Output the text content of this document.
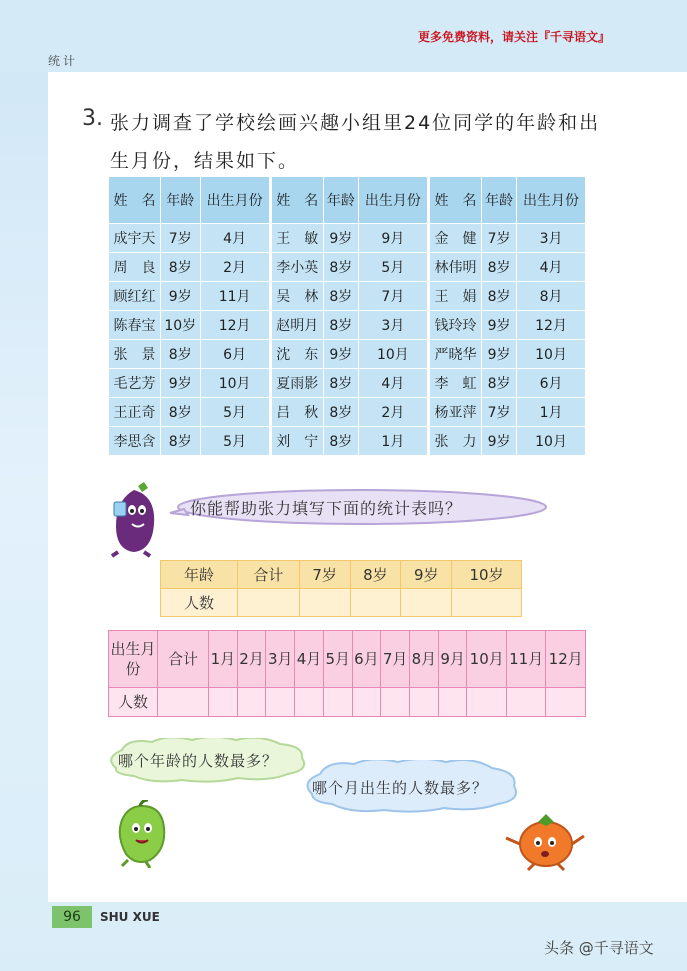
更多免费资料，请关注『千寻语文』
统计
3. 张力调查了学校绘画兴趣小组里24位同学的年龄和出生月份，结果如下。
姓　名	年龄	出生月份	姓　名	年龄	出生月份	姓　名	年龄	出生月份
成宇天	7岁	4月	王　敏	9岁	9月	金　健	7岁	3月
周　良	8岁	2月	李小英	8岁	5月	林伟明	8岁	4月
顾红红	9岁	11月	吴　林	8岁	7月	王　娟	8岁	8月
陈春宝	10岁	12月	赵明月	8岁	3月	钱玲玲	9岁	12月
张　景	8岁	6月	沈　东	9岁	10月	严晓华	9岁	10月
毛艺芳	9岁	10月	夏雨影	8岁	4月	李　虹	8岁	6月
王正奇	8岁	5月	吕　秋	8岁	2月	杨亚萍	7岁	1月
李思含	8岁	5月	刘　宁	8岁	1月	张　力	9岁	10月
你能帮助张力填写下面的统计表吗？
年龄	合计	7岁	8岁	9岁	10岁
人数					
出生月份	合计	1月	2月	3月	4月	5月	6月	7月	8月	9月	10月	11月	12月
人数													
哪个年龄的人数最多？
哪个月出生的人数最多？
96	SHU XUE
头条 @千寻语文
